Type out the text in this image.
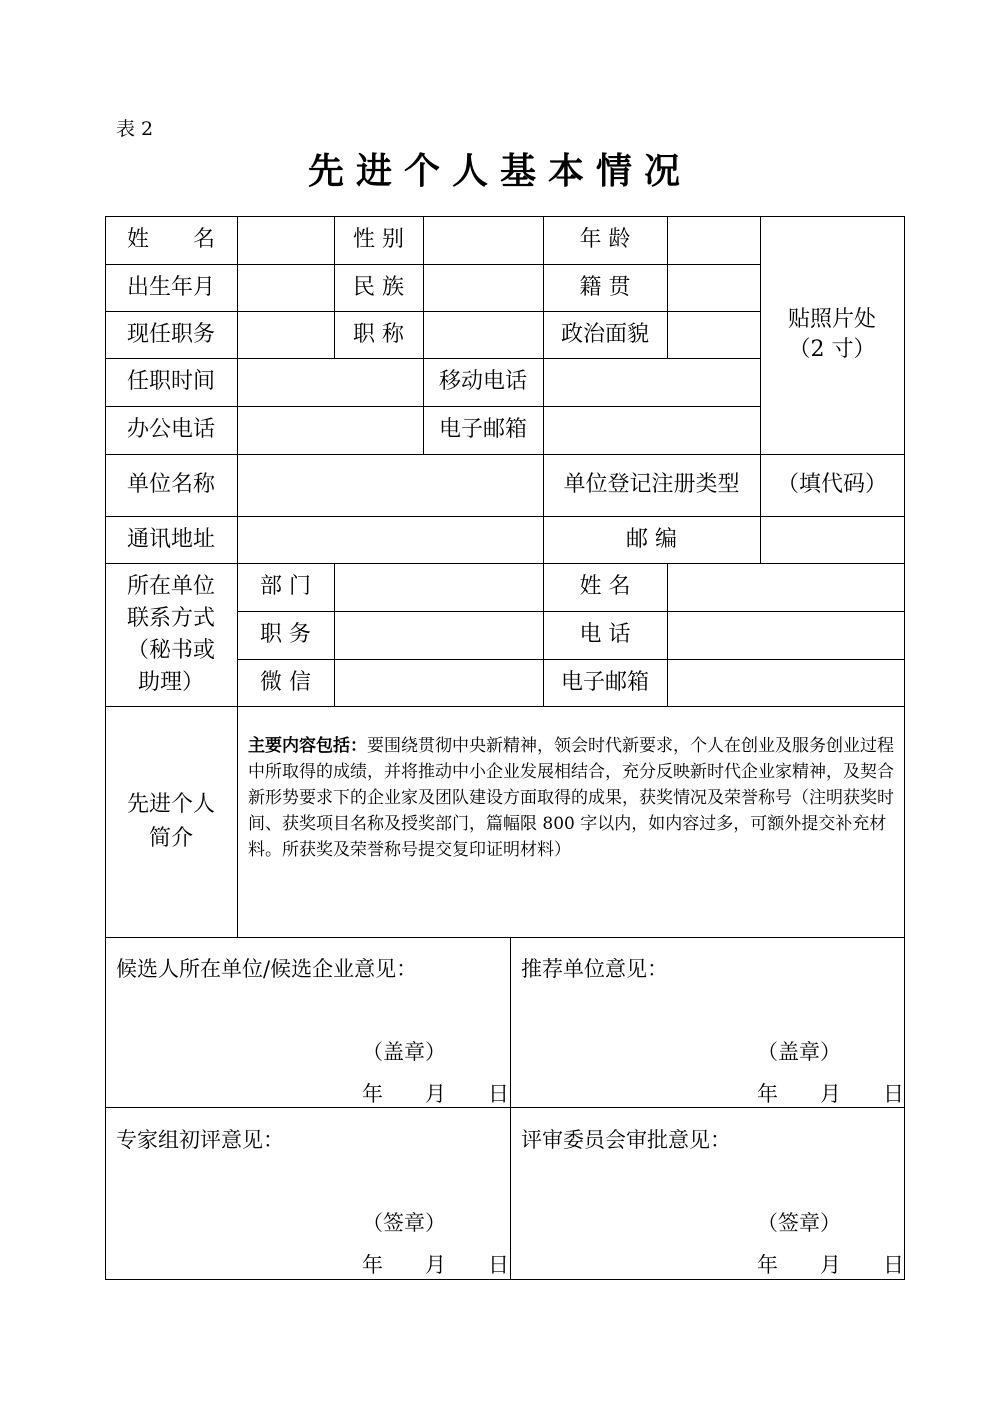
表 2
先进个人基本情况
姓　　名	性 别	年 龄
贴照片处
（2 寸）
出生年月	民 族	籍 贯
现任职务	职 称	政治面貌
任职时间	移动电话
办公电话	电子邮箱
单位名称	单位登记注册类型	（填代码）
通讯地址	邮 编
所在单位
联系方式
（秘书或
助理）
部 门	姓 名
职 务	电 话
微 信	电子邮箱
先进个人
简介
主要内容包括：要围绕贯彻中央新精神，领会时代新要求，个人在创业及服务创业过程中所取得的成绩，并将推动中小企业发展相结合，充分反映新时代企业家精神，及契合新形势要求下的企业家及团队建设方面取得的成果，获奖情况及荣誉称号（注明获奖时间、获奖项目名称及授奖部门，篇幅限 800 字以内，如内容过多，可额外提交补充材料。所获奖及荣誉称号提交复印证明材料）
候选人所在单位/候选企业意见：
（盖章）
年　　月　　日
推荐单位意见：
（盖章）
年　　月　　日
专家组初评意见：
（签章）
年　　月　　日
评审委员会审批意见：
（签章）
年　　月　　日
